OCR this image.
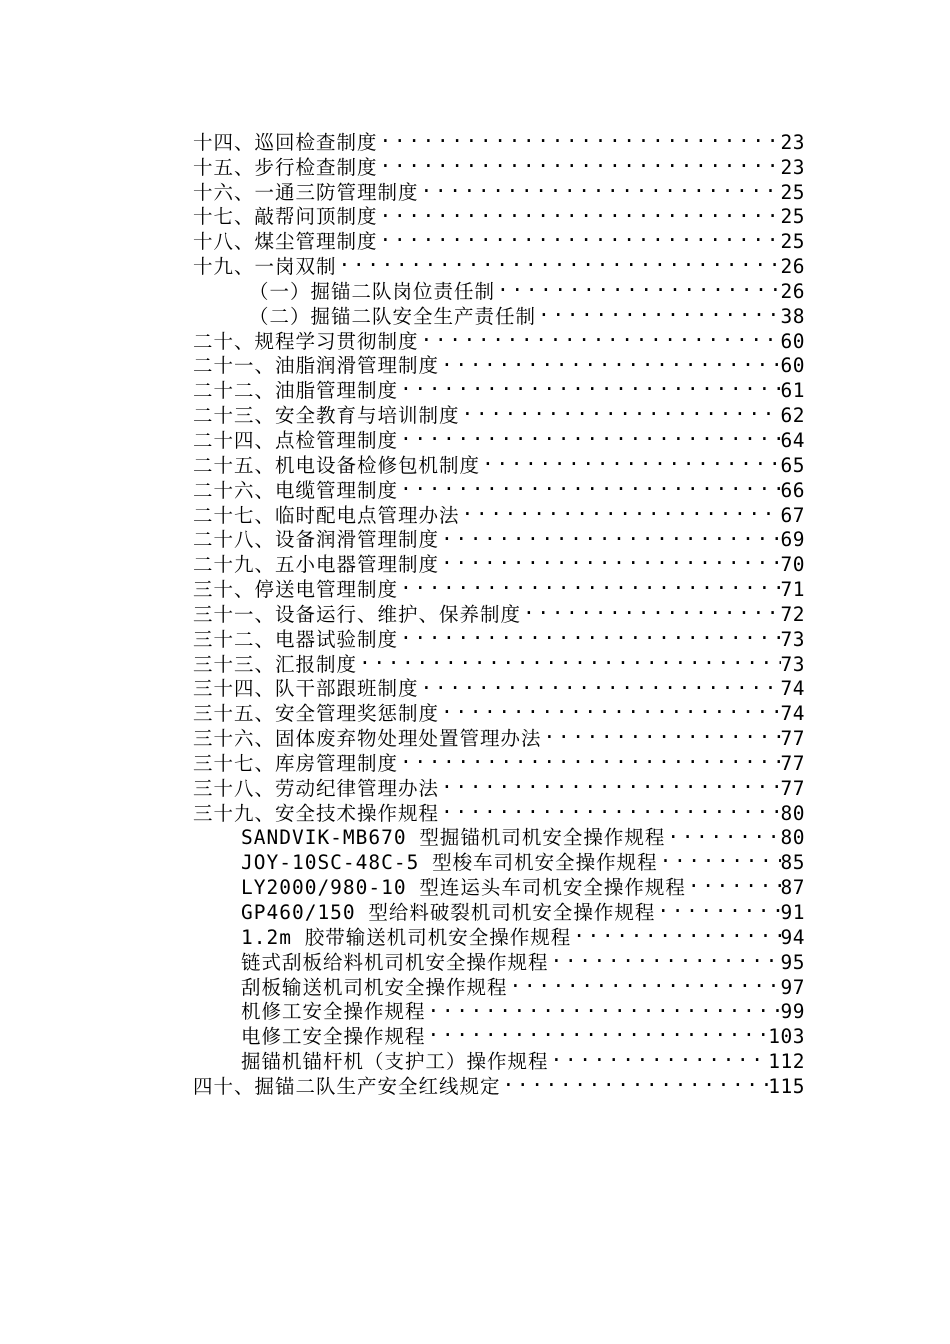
十四、巡回检查制度 .....	23
十五、步行检查制度 .....	23
十六、一通三防管理制度 .....	25
十七、敲帮问顶制度 .....	25
十八、煤尘管理制度 .....	25
十九、一岗双制 .....	26
（一）掘锚二队岗位责任制 .....	26
（二）掘锚二队安全生产责任制 .....	38
二十、规程学习贯彻制度 .....	60
二十一、油脂润滑管理制度 .....	60
二十二、油脂管理制度 .....	61
二十三、安全教育与培训制度 .....	62
二十四、点检管理制度 .....	64
二十五、机电设备检修包机制度 .....	65
二十六、电缆管理制度 .....	66
二十七、临时配电点管理办法 .....	67
二十八、设备润滑管理制度 .....	69
二十九、五小电器管理制度 .....	70
三十、停送电管理制度 .....	71
三十一、设备运行、维护、保养制度 .....	72
三十二、电器试验制度 .....	73
三十三、汇报制度 .....	73
三十四、队干部跟班制度 .....	74
三十五、安全管理奖惩制度 .....	74
三十六、固体废弃物处理处置管理办法 .....	77
三十七、库房管理制度 .....	77
三十八、劳动纪律管理办法 .....	77
三十九、安全技术操作规程 .....	80
SANDVIK-MB670 型掘锚机司机安全操作规程 .....	80
JOY-10SC-48C-5 型梭车司机安全操作规程 .....	85
LY2000/980-10 型连运头车司机安全操作规程 .....	87
GP460/150 型给料破裂机司机安全操作规程 .....	91
1.2m 胶带输送机司机安全操作规程 .....	94
链式刮板给料机司机安全操作规程 .....	95
刮板输送机司机安全操作规程 .....	97
机修工安全操作规程 .....	99
电修工安全操作规程 .....	103
掘锚机锚杆机（支护工）操作规程 .....	112
四十、掘锚二队生产安全红线规定 .....	115
